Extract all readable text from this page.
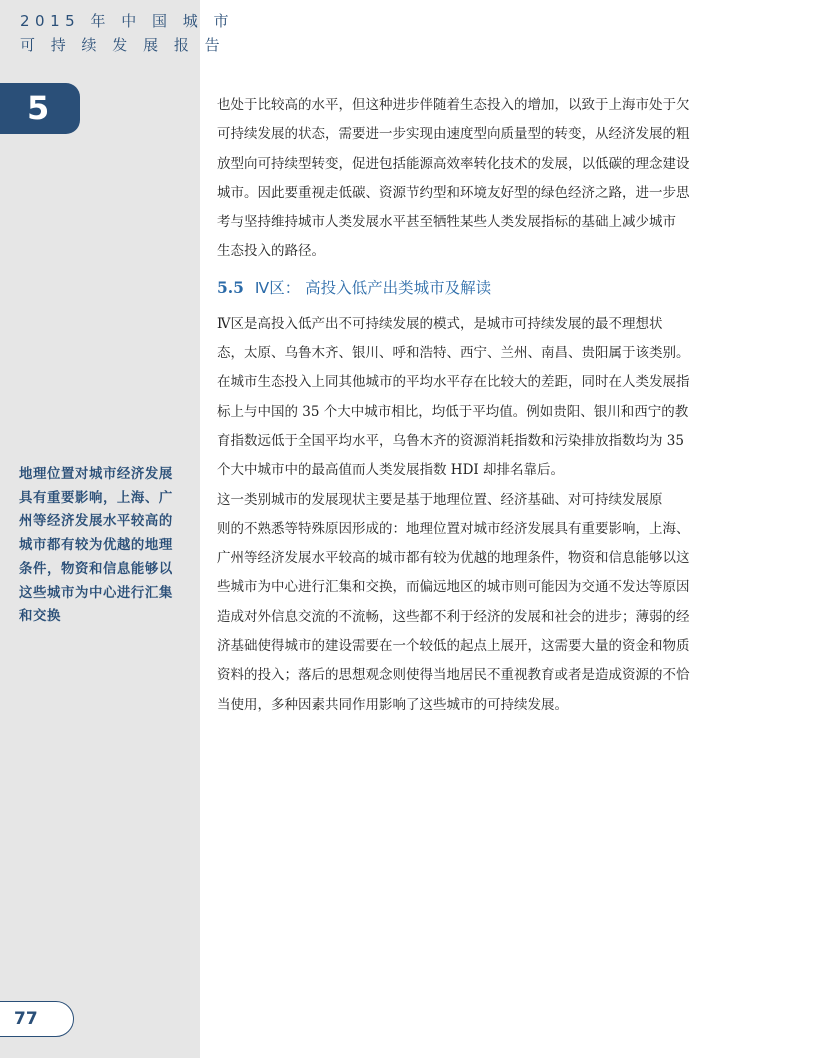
2015 年 中 国 城 市
可 持 续 发 展 报 告
5
地理位置对城市经济发展
具有重要影响，上海、广
州等经济发展水平较高的
城市都有较为优越的地理
条件，物资和信息能够以
这些城市为中心进行汇集
和交换
77
也处于比较高的水平，但这种进步伴随着生态投入的增加，以致于上海市处于欠
可持续发展的状态，需要进一步实现由速度型向质量型的转变，从经济发展的粗
放型向可持续型转变，促进包括能源高效率转化技术的发展，以低碳的理念建设
城市。因此要重视走低碳、资源节约型和环境友好型的绿色经济之路，进一步思
考与坚持维持城市人类发展水平甚至牺牲某些人类发展指标的基础上减少城市
生态投入的路径。
5.5 Ⅳ区： 高投入低产出类城市及解读
Ⅳ区是高投入低产出不可持续发展的模式，是城市可持续发展的最不理想状
态，太原、乌鲁木齐、银川、呼和浩特、西宁、兰州、南昌、贵阳属于该类别。
在城市生态投入上同其他城市的平均水平存在比较大的差距，同时在人类发展指
标上与中国的 35 个大中城市相比，均低于平均值。例如贵阳、银川和西宁的教
育指数远低于全国平均水平，乌鲁木齐的资源消耗指数和污染排放指数均为 35
个大中城市中的最高值而人类发展指数 HDI 却排名靠后。
这一类别城市的发展现状主要是基于地理位置、经济基础、对可持续发展原
则的不熟悉等特殊原因形成的：地理位置对城市经济发展具有重要影响，上海、
广州等经济发展水平较高的城市都有较为优越的地理条件，物资和信息能够以这
些城市为中心进行汇集和交换，而偏远地区的城市则可能因为交通不发达等原因
造成对外信息交流的不流畅，这些都不利于经济的发展和社会的进步；薄弱的经
济基础使得城市的建设需要在一个较低的起点上展开，这需要大量的资金和物质
资料的投入；落后的思想观念则使得当地居民不重视教育或者是造成资源的不恰
当使用，多种因素共同作用影响了这些城市的可持续发展。
